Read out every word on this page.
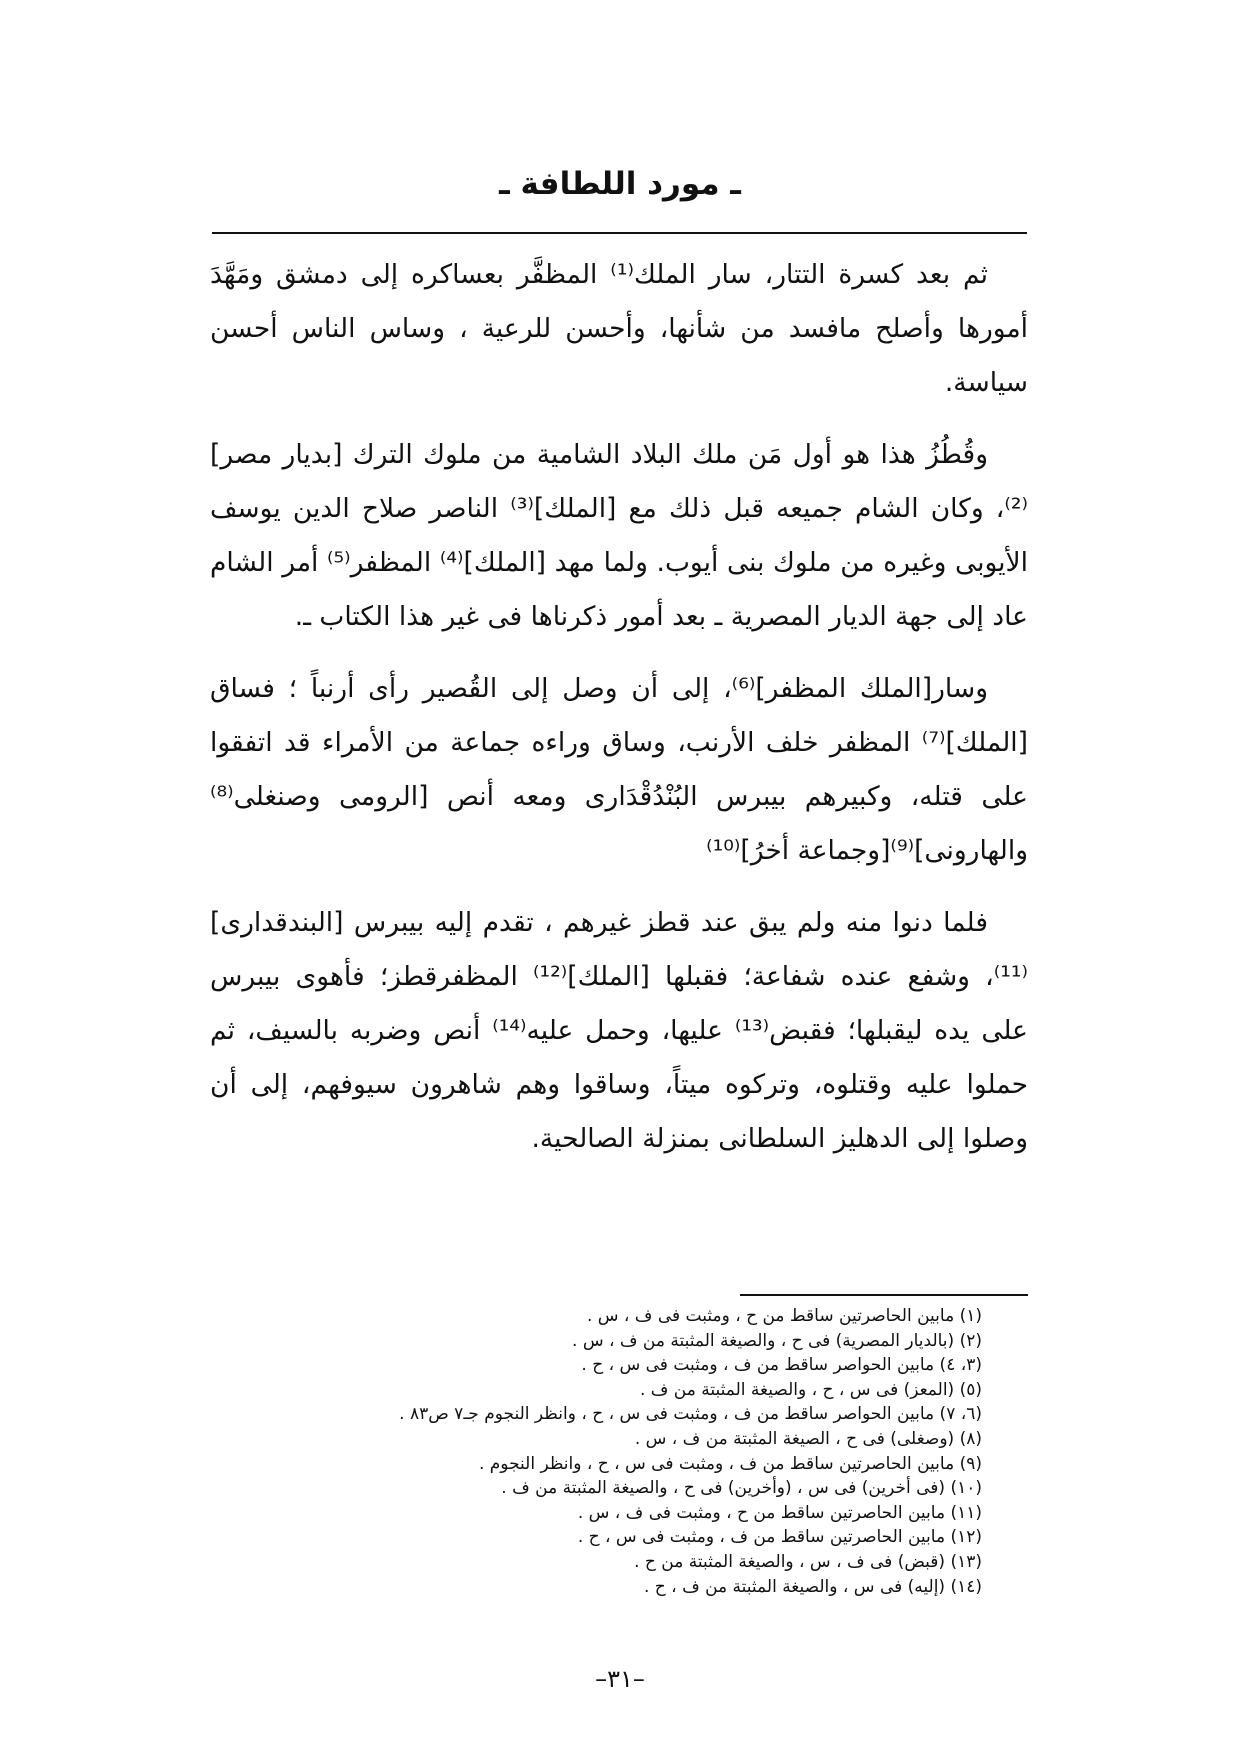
ـ مورد اللطافة ـ

ثم بعد كسرة التتار، سار الملك⁽¹⁾ المظفَّر بعساكره إلى دمشق ومَهَّدَ أمورها وأصلح مافسد من شأنها، وأحسن للرعية ، وساس الناس أحسن سياسة.

وقُطُزُ هذا هو أول مَن ملك البلاد الشامية من ملوك الترك [بديار مصر]⁽²⁾، وكان الشام جميعه قبل ذلك مع [الملك]⁽³⁾ الناصر صلاح الدين يوسف الأيوبى وغيره من ملوك بنى أيوب. ولما مهد [الملك]⁽⁴⁾ المظفر⁽⁵⁾ أمر الشام عاد إلى جهة الديار المصرية ـ بعد أمور ذكرناها فى غير هذا الكتاب ـ.

وسار[الملك المظفر]⁽⁶⁾، إلى أن وصل إلى القُصير رأى أرنباً ؛ فساق [الملك]⁽⁷⁾ المظفر خلف الأرنب، وساق وراءه جماعة من الأمراء قد اتفقوا على قتله، وكبيرهم بيبرس البُنْدُقْدَارى ومعه أنص [الرومى وصنغلى⁽⁸⁾ والهارونى]⁽⁹⁾[وجماعة أخرُ]⁽¹⁰⁾

فلما دنوا منه ولم يبق عند قطز غيرهم ، تقدم إليه بيبرس [البندقدارى]⁽¹¹⁾، وشفع عنده شفاعة؛ فقبلها [الملك]⁽¹²⁾ المظفرقطز؛ فأهوى بيبرس على يده ليقبلها؛ فقبض⁽¹³⁾ عليها، وحمل عليه⁽¹⁴⁾ أنص وضربه بالسيف، ثم حملوا عليه وقتلوه، وتركوه ميتاً، وساقوا وهم شاهرون سيوفهم، إلى أن وصلوا إلى الدهليز السلطانى بمنزلة الصالحية.

(١) مابين الحاصرتين ساقط من ح ، ومثبت فى ف ، س .

(٢) (بالديار المصرية) فى ح ، والصيغة المثبتة من ف ، س .

(٣، ٤) مابين الحواصر ساقط من ف ، ومثبت فى س ، ح .

(٥) (المعز) فى س ، ح ، والصيغة المثبتة من ف .

(٦، ٧) مابين الحواصر ساقط من ف ، ومثبت فى س ، ح ، وانظر النجوم جـ٧ ص٨٣ .

(٨) (وصغلى) فى ح ، الصيغة المثبتة من ف ، س .

(٩) مابين الحاصرتين ساقط من ف ، ومثبت فى س ، ح ، وانظر النجوم .

(١٠) (فى أخرين) فى س ، (وأخرين) فى ح ، والصيغة المثبتة من ف .

(١١) مابين الحاصرتين ساقط من ح ، ومثبت فى ف ، س .

(١٢) مابين الحاصرتين ساقط من ف ، ومثبت فى س ، ح .

(١٣) (قبض) فى ف ، س ، والصيغة المثبتة من ح .

(١٤) (إليه) فى س ، والصيغة المثبتة من ف ، ح .

–٣١–
